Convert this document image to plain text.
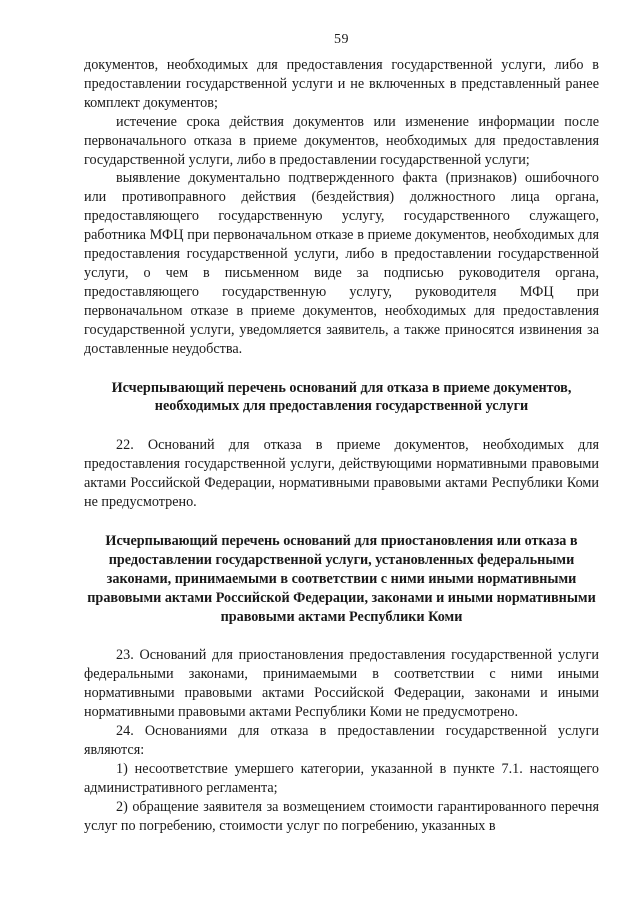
59

документов, необходимых для предоставления государственной услуги, либо в предоставлении государственной услуги и не включенных в представленный ранее комплект документов;

истечение срока действия документов или изменение информации после первоначального отказа в приеме документов, необходимых для предоставления государственной услуги, либо в предоставлении государственной услуги;

выявление документально подтвержденного факта (признаков) ошибочного или противоправного действия (бездействия) должностного лица органа, предоставляющего государственную услугу, государственного служащего, работника МФЦ при первоначальном отказе в приеме документов, необходимых для предоставления государственной услуги, либо в предоставлении государственной услуги, о чем в письменном виде за подписью руководителя органа, предоставляющего государственную услугу, руководителя МФЦ при первоначальном отказе в приеме документов, необходимых для предоставления государственной услуги, уведомляется заявитель, а также приносятся извинения за доставленные неудобства.

Исчерпывающий перечень оснований для отказа в приеме документов, необходимых для предоставления государственной услуги

22. Оснований для отказа в приеме документов, необходимых для предоставления государственной услуги, действующими нормативными правовыми актами Российской Федерации, нормативными правовыми актами Республики Коми не предусмотрено.

Исчерпывающий перечень оснований для приостановления или отказа в предоставлении государственной услуги, установленных федеральными законами, принимаемыми в соответствии с ними иными нормативными правовыми актами Российской Федерации, законами и иными нормативными правовыми актами Республики Коми

23. Оснований для приостановления предоставления государственной услуги федеральными законами, принимаемыми в соответствии с ними иными нормативными правовыми актами Российской Федерации, законами и иными нормативными правовыми актами Республики Коми не предусмотрено.

24. Основаниями для отказа в предоставлении государственной услуги являются:

1) несоответствие умершего категории, указанной в пункте 7.1. настоящего административного регламента;

2) обращение заявителя за возмещением стоимости гарантированного перечня услуг по погребению, стоимости услуг по погребению, указанных в
